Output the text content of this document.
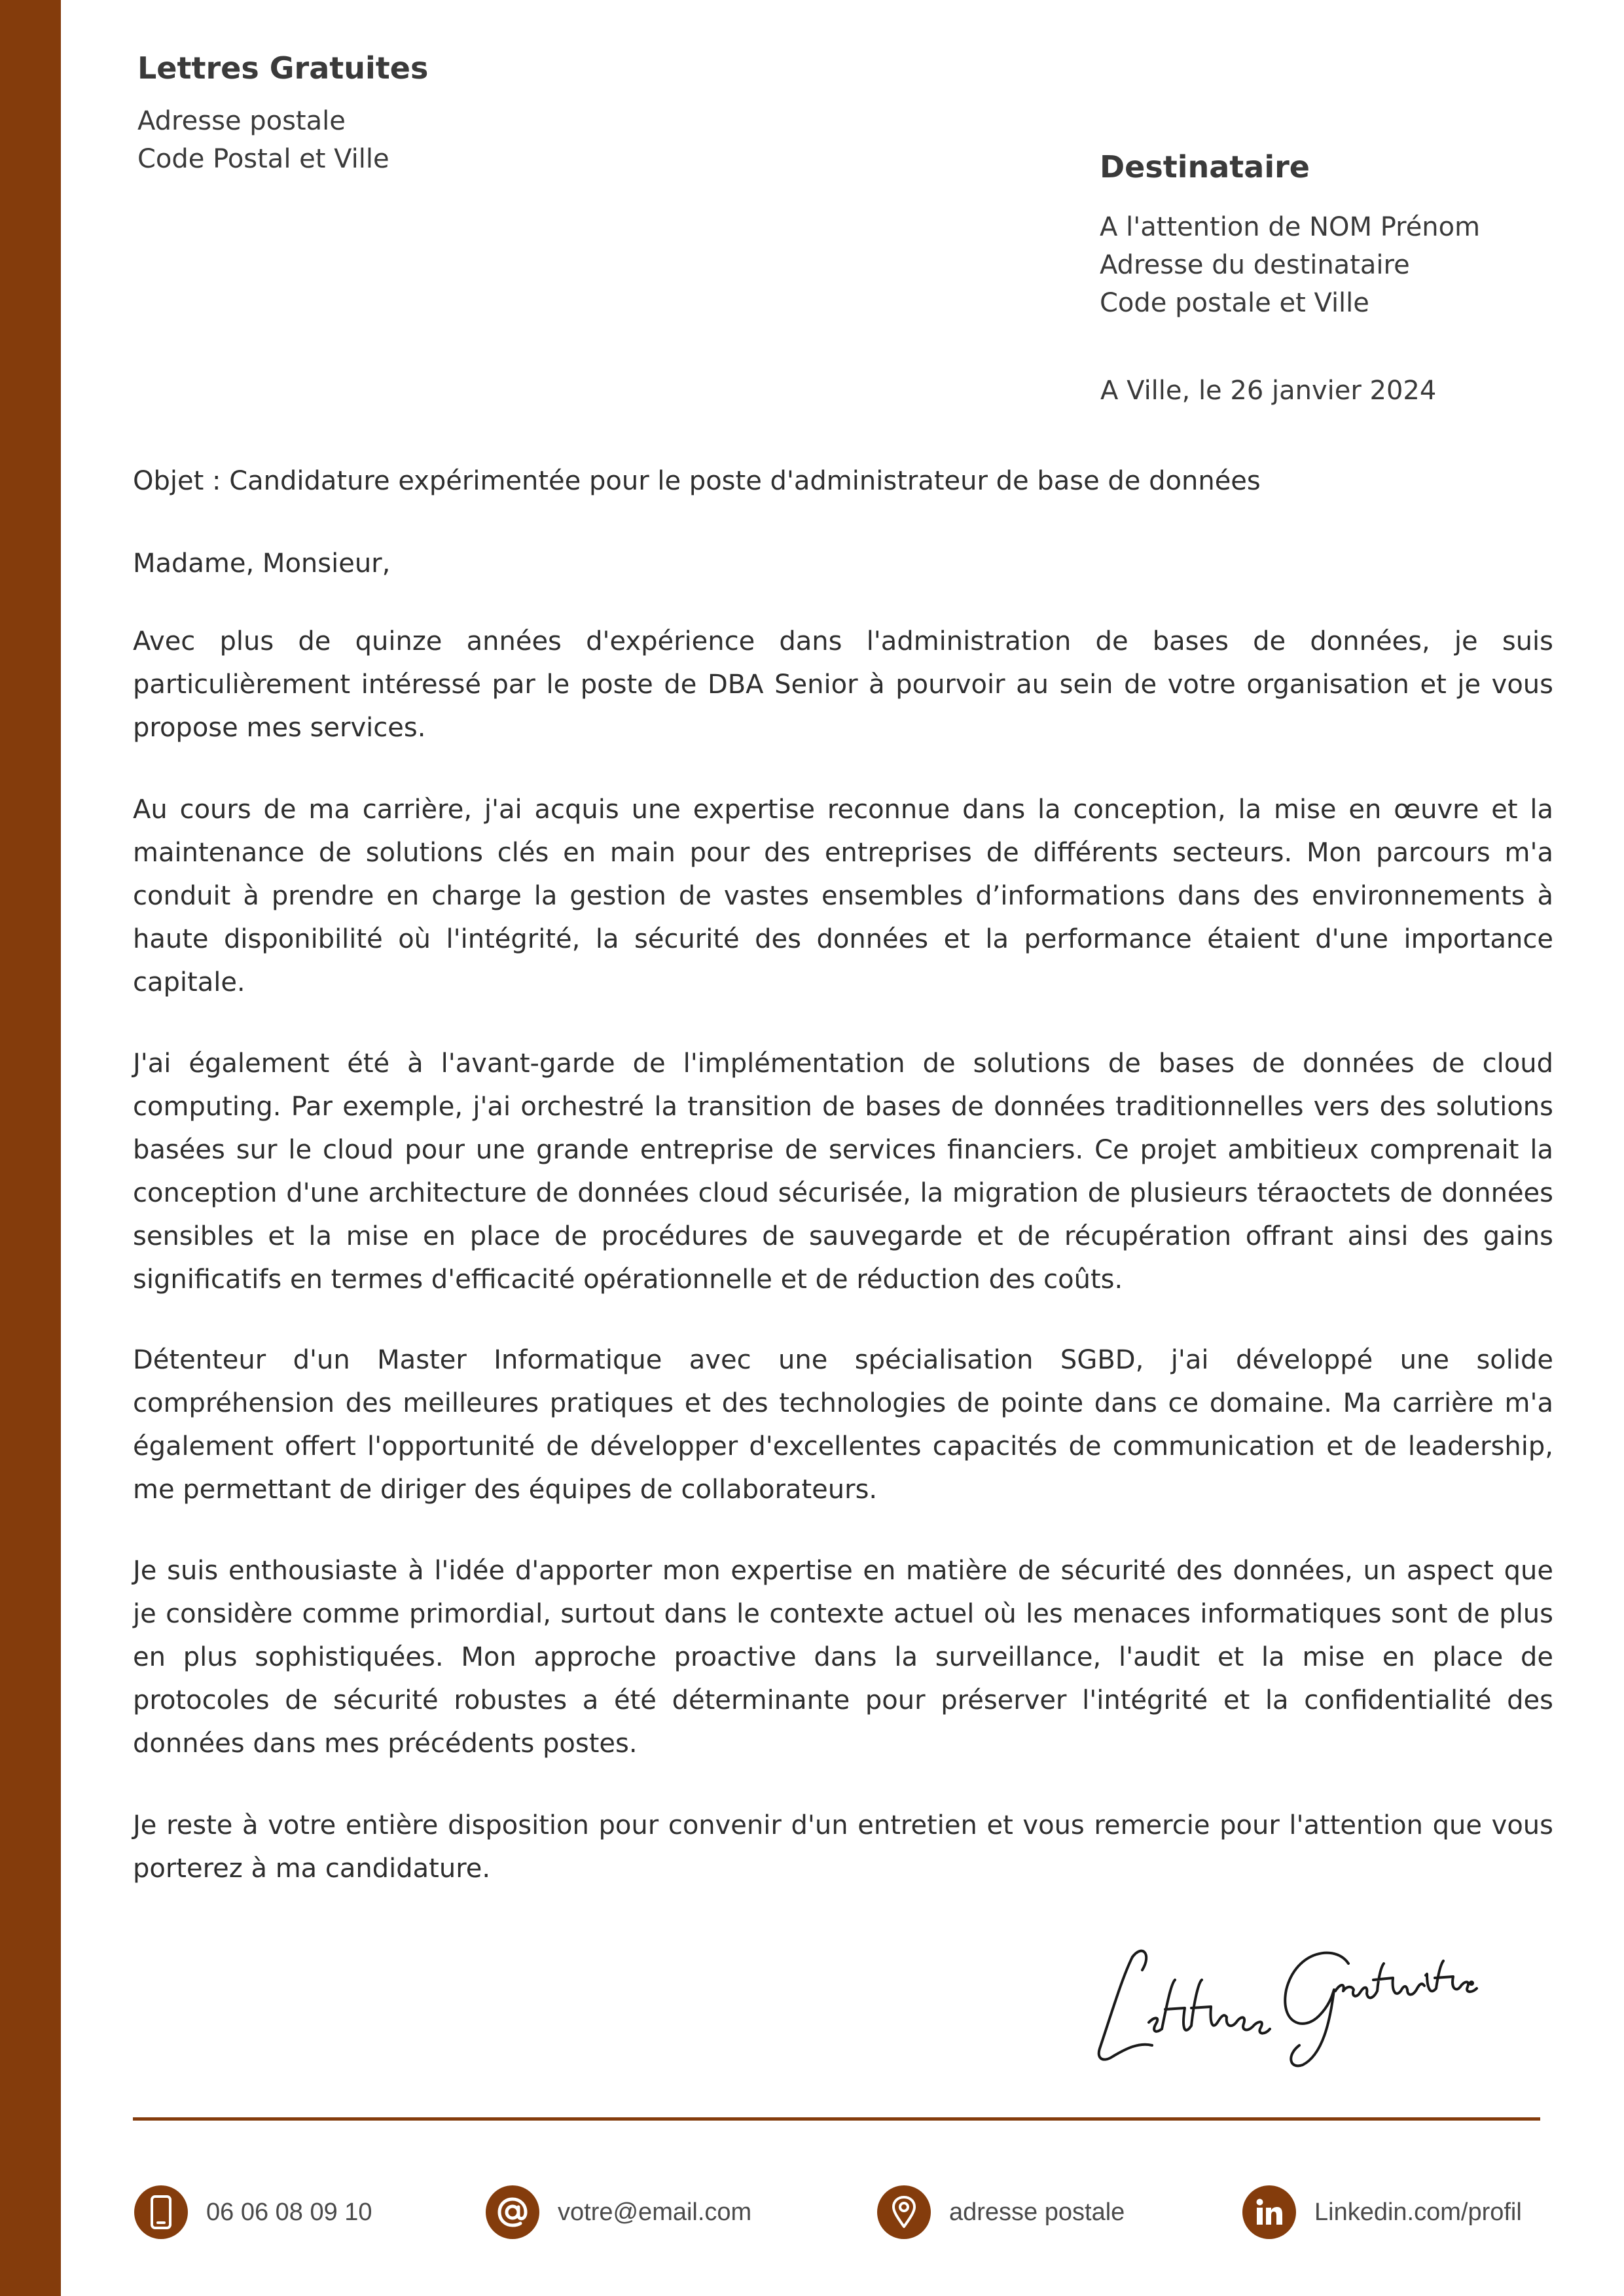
Lettres Gratuites
Adresse postale
Code Postal et Ville	Destinataire
A l'attention de NOM Prénom
Adresse du destinataire
Code postale et Ville
A Ville, le 26 janvier 2024
Objet : Candidature expérimentée pour le poste d'administrateur de base de données
Madame, Monsieur,
Avec plus de quinze années d'expérience dans l'administration de bases de données, je suis particulièrement intéressé par le poste de DBA Senior à pourvoir au sein de votre organisation et je vous propose mes services.
Au cours de ma carrière, j'ai acquis une expertise reconnue dans la conception, la mise en œuvre et la maintenance de solutions clés en main pour des entreprises de différents secteurs. Mon parcours m'a conduit à prendre en charge la gestion de vastes ensembles d’informations dans des environnements à haute disponibilité où l'intégrité, la sécurité des données et la performance étaient d'une importance capitale.
J'ai également été à l'avant-garde de l'implémentation de solutions de bases de données de cloud computing. Par exemple, j'ai orchestré la transition de bases de données traditionnelles vers des solutions basées sur le cloud pour une grande entreprise de services financiers. Ce projet ambitieux comprenait la conception d'une architecture de données cloud sécurisée, la migration de plusieurs téraoctets de données sensibles et la mise en place de procédures de sauvegarde et de récupération offrant ainsi des gains significatifs en termes d'efficacité opérationnelle et de réduction des coûts.
Détenteur d'un Master Informatique avec une spécialisation SGBD, j'ai développé une solide compréhension des meilleures pratiques et des technologies de pointe dans ce domaine. Ma carrière m'a également offert l'opportunité de développer d'excellentes capacités de communication et de leadership, me permettant de diriger des équipes de collaborateurs.
Je suis enthousiaste à l'idée d'apporter mon expertise en matière de sécurité des données, un aspect que je considère comme primordial, surtout dans le contexte actuel où les menaces informatiques sont de plus en plus sophistiquées. Mon approche proactive dans la surveillance, l'audit et la mise en place de protocoles de sécurité robustes a été déterminante pour préserver l'intégrité et la confidentialité des données dans mes précédents postes.
Je reste à votre entière disposition pour convenir d'un entretien et vous remercie pour l'attention que vous porterez à ma candidature.
06 06 08 09 10	votre@email.com	adresse postale	Linkedin.com/profil
